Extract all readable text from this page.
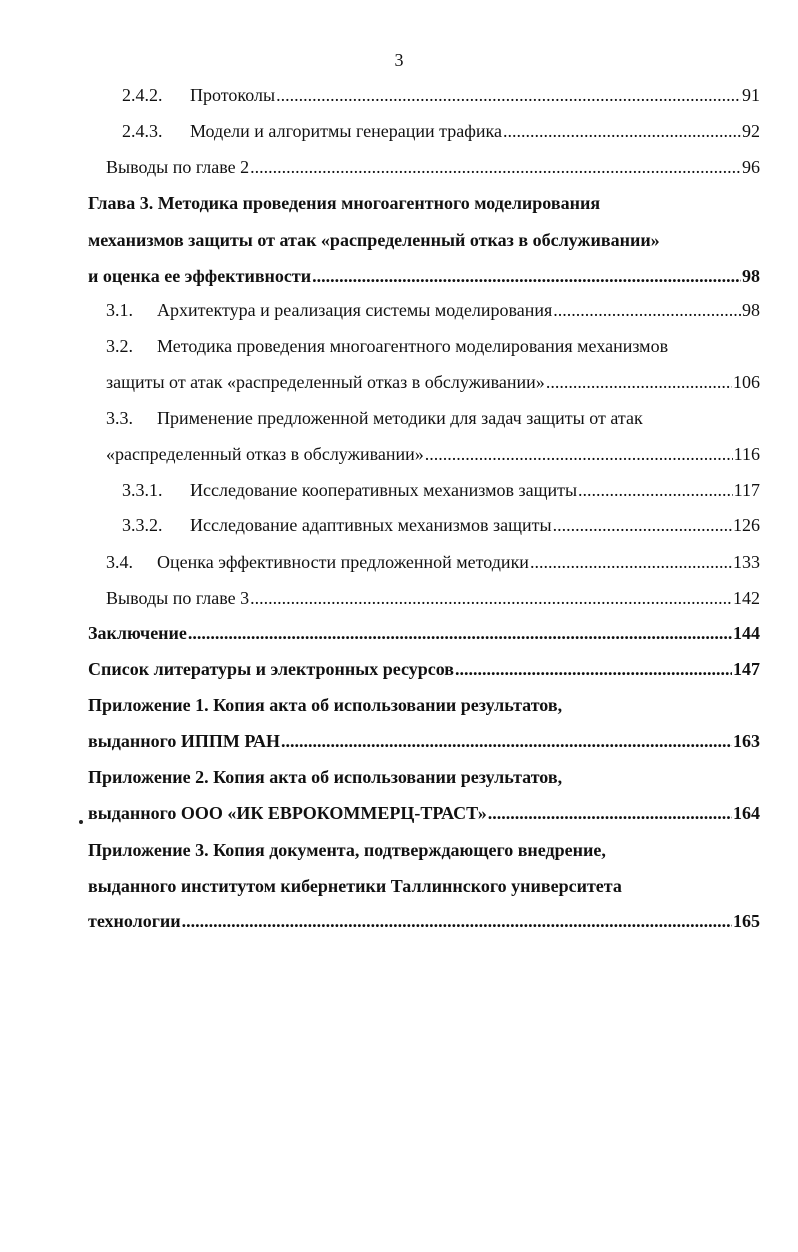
3
2.4.2.	Протоколы .....	91
2.4.3.	Модели и алгоритмы генерации трафика .....	92
Выводы по главе 2 .....	96
Глава 3. Методика проведения многоагентного моделирования
механизмов защиты от атак «распределенный отказ в обслуживании»
и оценка ее эффективности .....	98
3.1.	Архитектура и реализация системы моделирования .....	98
3.2. Методика проведения многоагентного моделирования механизмов
защиты от атак «распределенный отказ в обслуживании» .....	106
3.3. Применение предложенной методики для задач защиты от атак
«распределенный отказ в обслуживании» .....	116
3.3.1.	Исследование кооперативных механизмов защиты .....	117
3.3.2.	Исследование адаптивных механизмов защиты .....	126
3.4.	Оценка эффективности предложенной методики .....	133
Выводы по главе 3 .....	142
Заключение .....	144
Список литературы и электронных ресурсов .....	147
Приложение 1. Копия акта об использовании результатов,
выданного ИППМ РАН .....	163
Приложение 2. Копия акта об использовании результатов,
выданного ООО «ИК ЕВРОКОММЕРЦ-ТРАСТ» .....	164
Приложение 3. Копия документа, подтверждающего внедрение,
выданного институтом кибернетики Таллиннского университета
технологии .....	165
